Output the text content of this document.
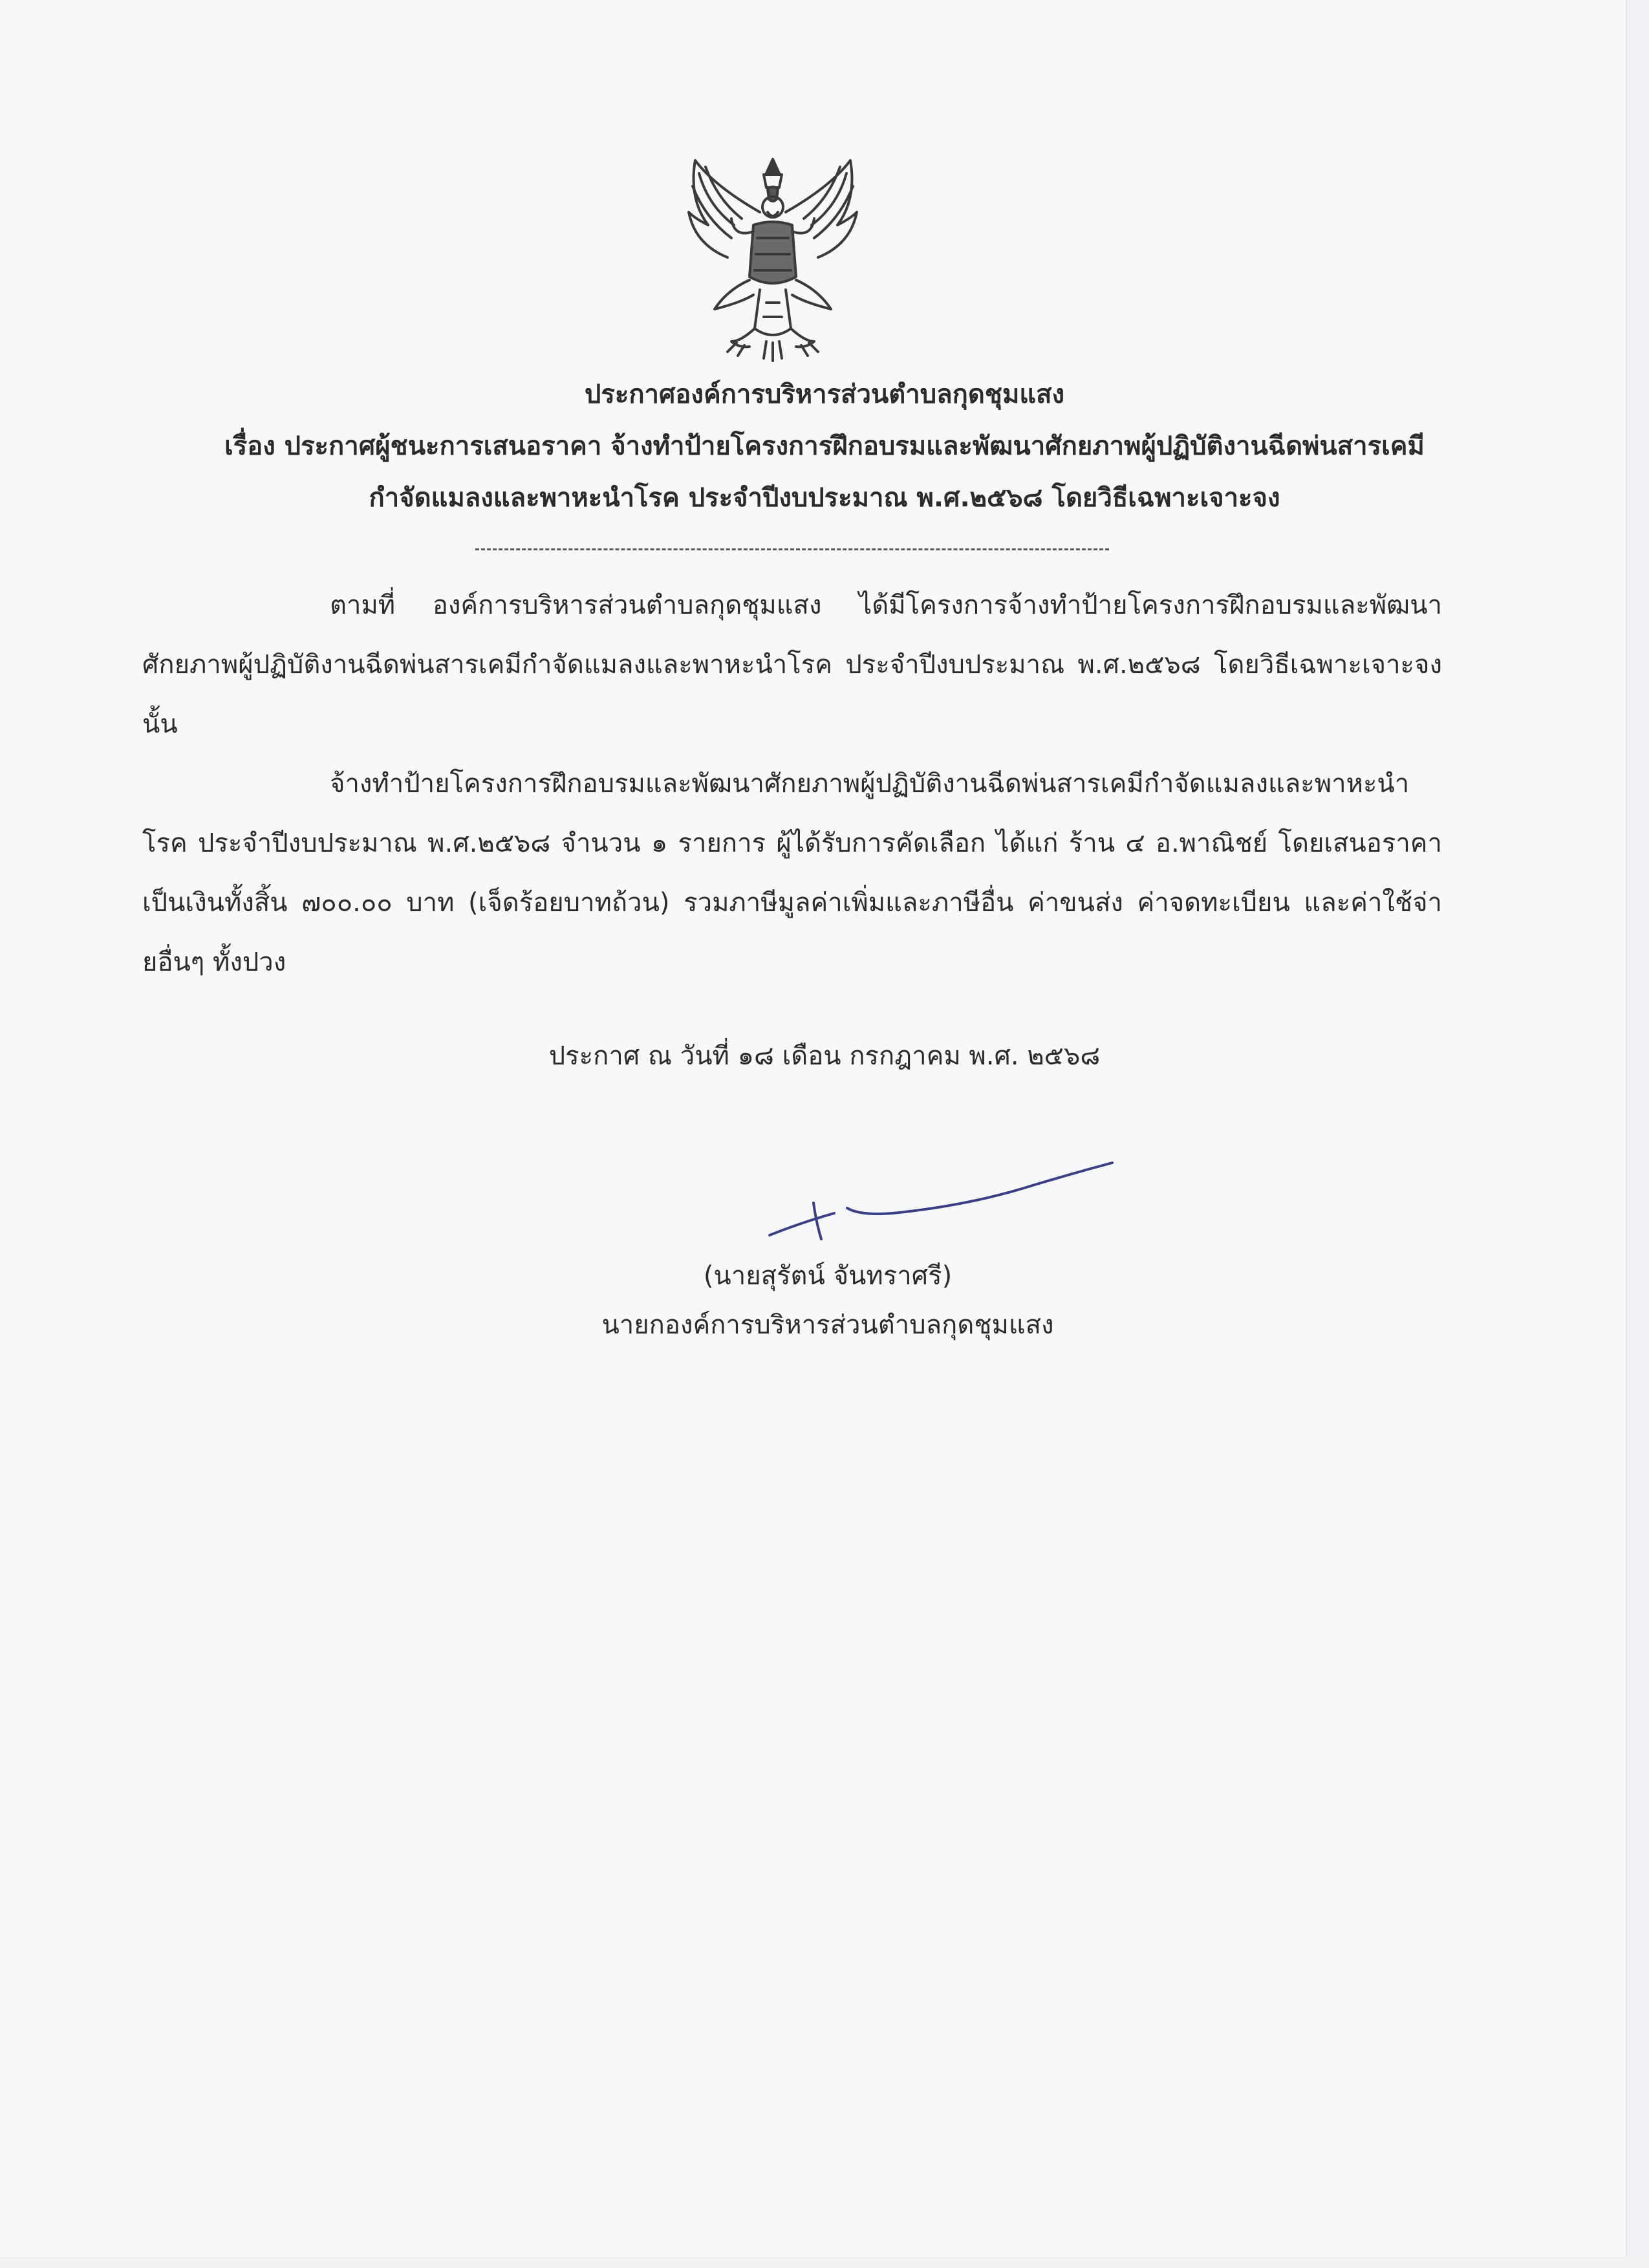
ประกาศองค์การบริหารส่วนตำบลกุดชุมแสง
เรื่อง ประกาศผู้ชนะการเสนอราคา จ้างทำป้ายโครงการฝึกอบรมและพัฒนาศักยภาพผู้ปฏิบัติงานฉีดพ่นสารเคมี
กำจัดแมลงและพาหะนำโรค ประจำปีงบประมาณ พ.ศ.๒๕๖๘ โดยวิธีเฉพาะเจาะจง

ตามที่ องค์การบริหารส่วนตำบลกุดชุมแสง ได้มีโครงการจ้างทำป้ายโครงการฝึกอบรมและพัฒนาศักยภาพผู้ปฏิบัติงานฉีดพ่นสารเคมีกำจัดแมลงและพาหะนำโรค ประจำปีงบประมาณ พ.ศ.๒๕๖๘ โดยวิธีเฉพาะเจาะจง นั้น

จ้างทำป้ายโครงการฝึกอบรมและพัฒนาศักยภาพผู้ปฏิบัติงานฉีดพ่นสารเคมีกำจัดแมลงและพาหะนำโรค ประจำปีงบประมาณ พ.ศ.๒๕๖๘ จำนวน ๑ รายการ ผู้ได้รับการคัดเลือก ได้แก่ ร้าน ๔ อ.พาณิชย์ โดยเสนอราคา เป็นเงินทั้งสิ้น ๗๐๐.๐๐ บาท (เจ็ดร้อยบาทถ้วน) รวมภาษีมูลค่าเพิ่มและภาษีอื่น ค่าขนส่ง ค่าจดทะเบียน และค่าใช้จ่ายอื่นๆ ทั้งปวง

ประกาศ ณ วันที่ ๑๘ เดือน กรกฎาคม พ.ศ. ๒๕๖๘
(นายสุรัตน์ จันทราศรี)
นายกองค์การบริหารส่วนตำบลกุดชุมแสง
